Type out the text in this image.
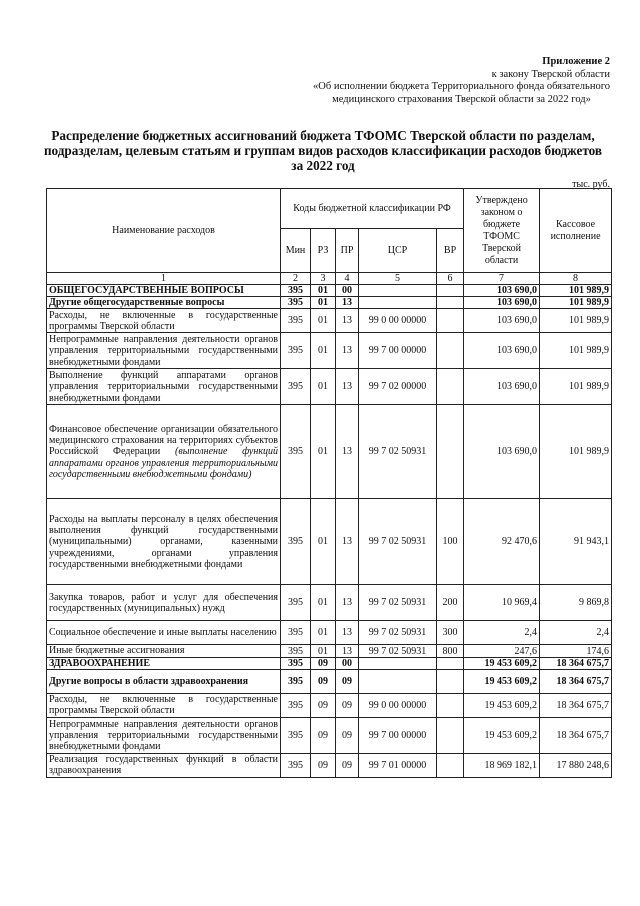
Приложение 2
к закону Тверской области
«Об исполнении бюджета Территориального фонда обязательного
медицинского страхования Тверской области за 2022 год»
Распределение бюджетных ассигнований бюджета ТФОМС Тверской области по разделам, подразделам, целевым статьям и группам видов расходов классификации расходов бюджетов за 2022 год
тыс. руб.
Наименование расходов	Коды бюджетной классификации РФ					Утверждено законом о бюджете ТФОМС Тверской области	Кассовое исполнение
	Мин	РЗ	ПР	ЦСР	ВР		
1	2	3	4	5	6	7	8
ОБЩЕГОСУДАРСТВЕННЫЕ ВОПРОСЫ	395	01	00			103 690,0	101 989,9
Другие общегосударственные вопросы	395	01	13			103 690,0	101 989,9
Расходы, не включенные в государственные программы Тверской области	395	01	13	99 0 00 00000		103 690,0	101 989,9
Непрограммные направления деятельности органов управления территориальными государственными внебюджетными фондами	395	01	13	99 7 00 00000		103 690,0	101 989,9
Выполнение функций аппаратами органов управления территориальными государственными внебюджетными фондами	395	01	13	99 7 02 00000		103 690,0	101 989,9
Финансовое обеспечение организации обязательного медицинского страхования на территориях субъектов Российской Федерации (выполнение функций аппаратами органов управления территориальными государственными внебюджетными фондами)	395	01	13	99 7 02 50931		103 690,0	101 989,9
Расходы на выплаты персоналу в целях обеспечения выполнения функций государственными (муниципальными) органами, казенными учреждениями, органами управления государственными внебюджетными фондами	395	01	13	99 7 02 50931	100	92 470,6	91 943,1
Закупка товаров, работ и услуг для обеспечения государственных (муниципальных) нужд	395	01	13	99 7 02 50931	200	10 969,4	9 869,8
Социальное обеспечение и иные выплаты населению	395	01	13	99 7 02 50931	300	2,4	2,4
Иные бюджетные ассигнования	395	01	13	99 7 02 50931	800	247,6	174,6
ЗДРАВООХРАНЕНИЕ	395	09	00			19 453 609,2	18 364 675,7
Другие вопросы в области здравоохранения	395	09	09			19 453 609,2	18 364 675,7
Расходы, не включенные в государственные программы Тверской области	395	09	09	99 0 00 00000		19 453 609,2	18 364 675,7
Непрограммные направления деятельности органов управления территориальными государственными внебюджетными фондами	395	09	09	99 7 00 00000		19 453 609,2	18 364 675,7
Реализация государственных функций в области здравоохранения	395	09	09	99 7 01 00000		18 969 182,1	17 880 248,6
